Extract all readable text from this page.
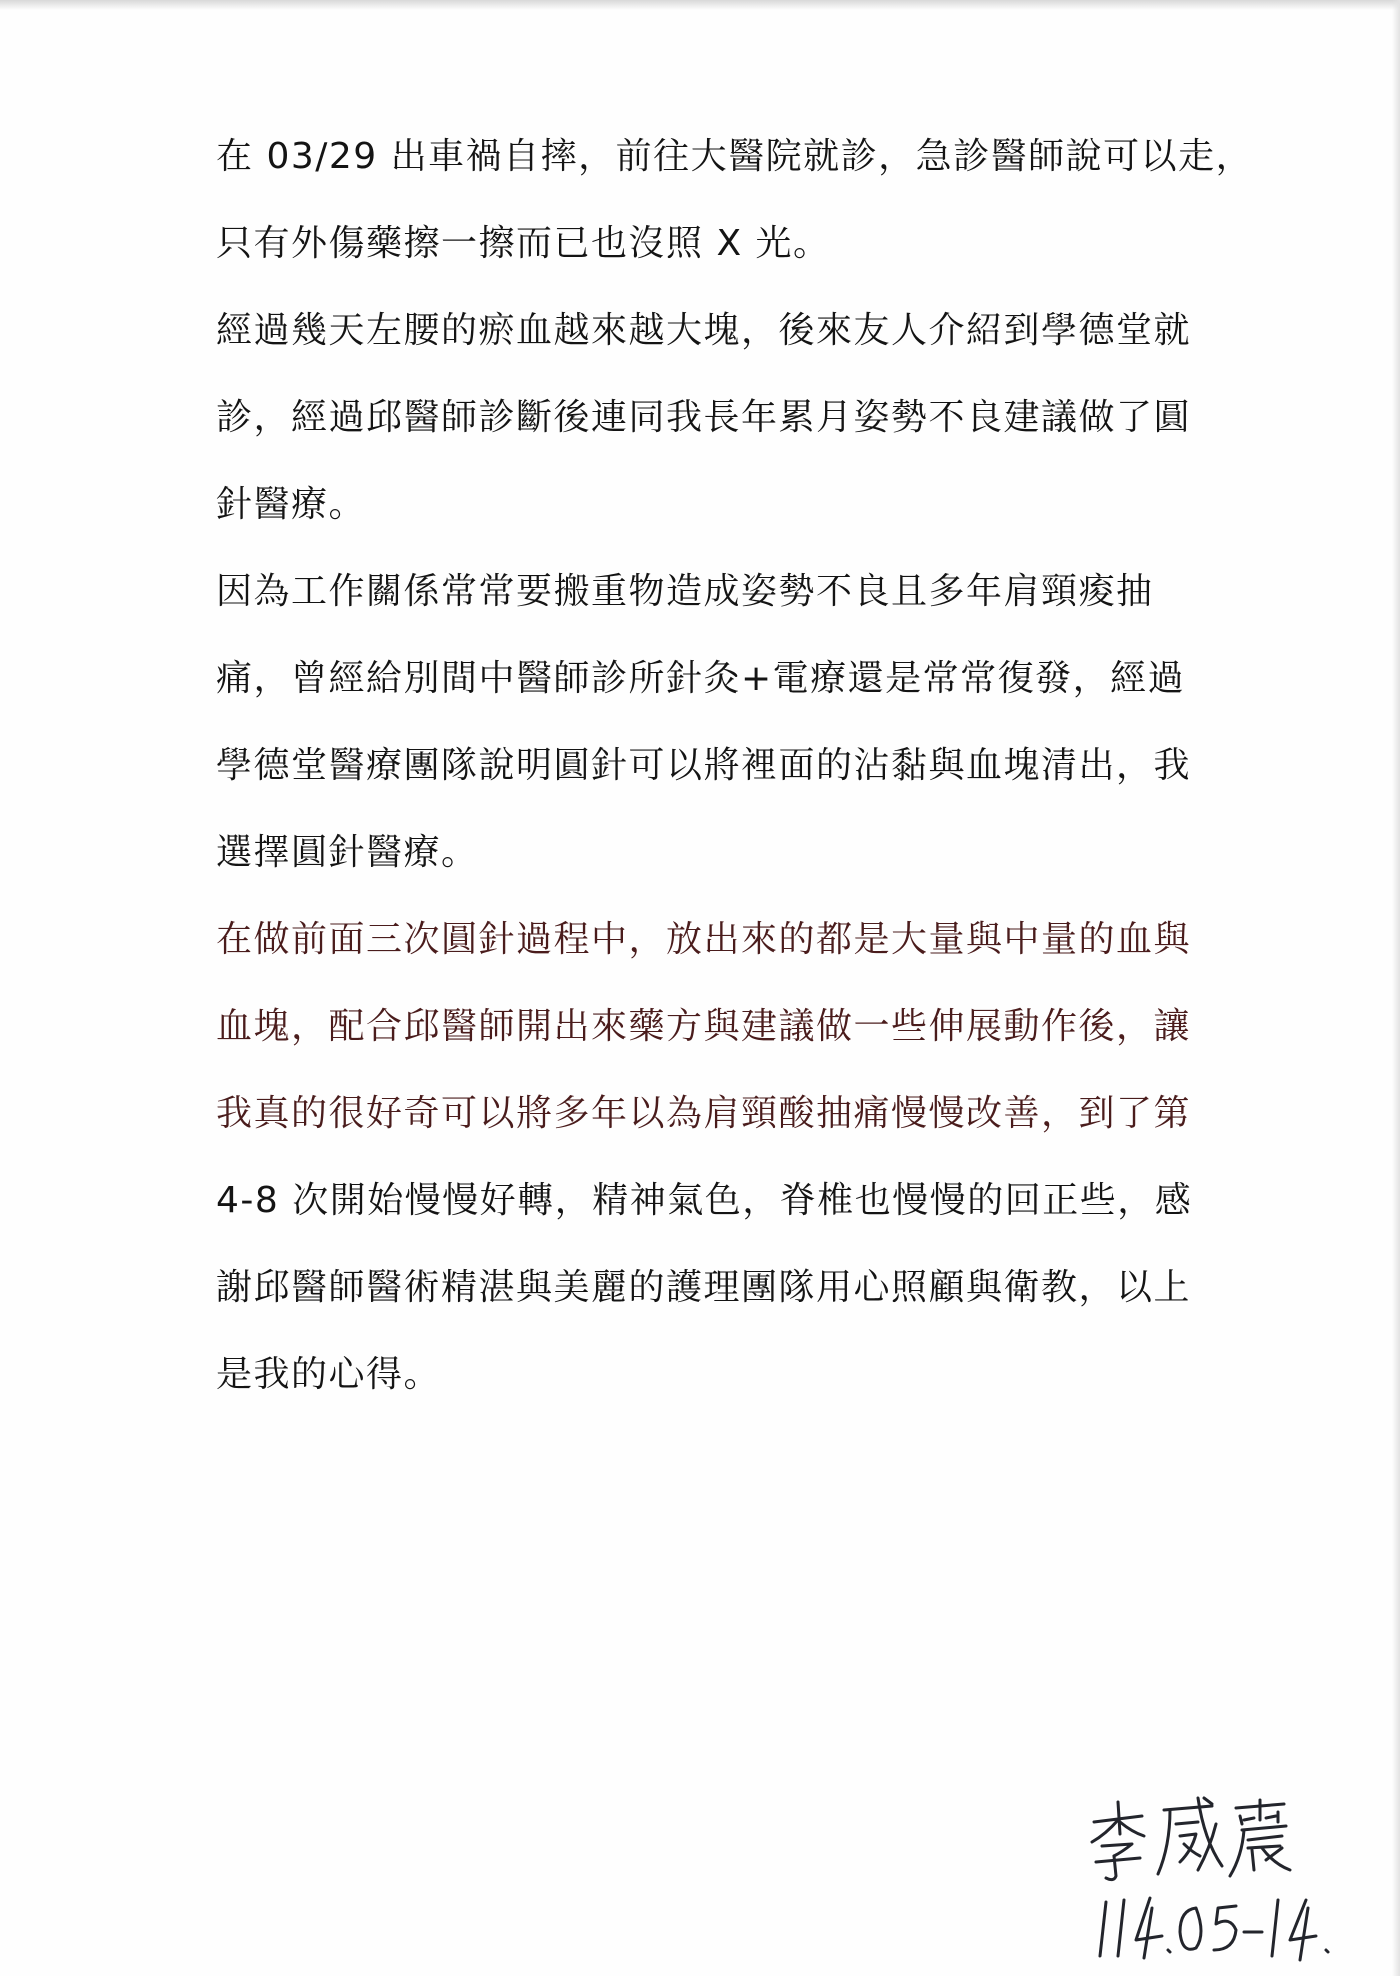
在 03/29 出車禍自摔，前往大醫院就診，急診醫師說可以走，
只有外傷藥擦一擦而已也沒照 X 光。
經過幾天左腰的瘀血越來越大塊，後來友人介紹到學德堂就
診，經過邱醫師診斷後連同我長年累月姿勢不良建議做了圓
針醫療。
因為工作關係常常要搬重物造成姿勢不良且多年肩頸痠抽
痛，曾經給別間中醫師診所針灸+電療還是常常復發，經過
學德堂醫療團隊說明圓針可以將裡面的沾黏與血塊清出，我
選擇圓針醫療。
在做前面三次圓針過程中，放出來的都是大量與中量的血與
血塊，配合邱醫師開出來藥方與建議做一些伸展動作後，讓
我真的很好奇可以將多年以為肩頸酸抽痛慢慢改善，到了第
4-8 次開始慢慢好轉，精神氣色，脊椎也慢慢的回正些，感
謝邱醫師醫術精湛與美麗的護理團隊用心照顧與衛教，以上
是我的心得。
